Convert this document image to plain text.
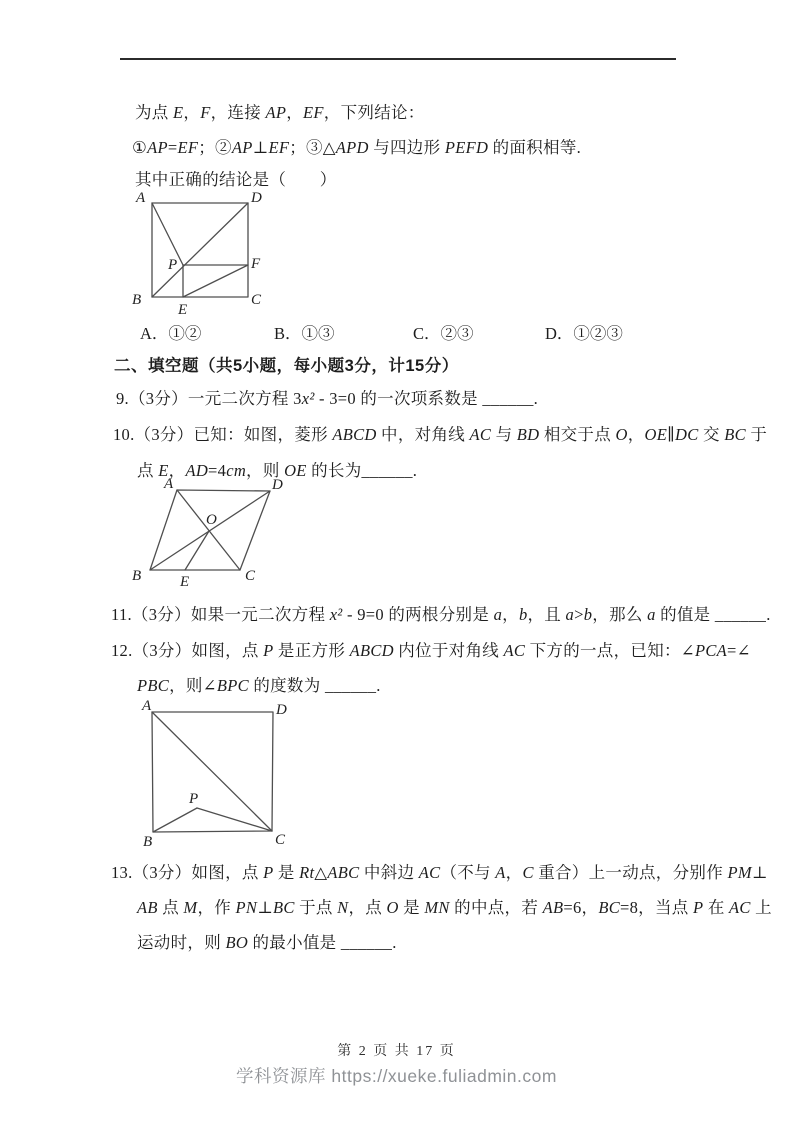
为点 E，F，连接 AP，EF，下列结论：
①AP=EF；②AP⊥EF；③△APD 与四边形 PEFD 的面积相等.
其中正确的结论是（　　）
A	D
B	C
P
E
F
A．①②	B．①③	C．②③	D．①②③
二、填空题（共5小题，每小题3分，计15分）
9.（3分）一元二次方程 3x² - 3=0 的一次项系数是 ______.
10.（3分）已知：如图，菱形 ABCD 中，对角线 AC 与 BD 相交于点 O，OE∥DC 交 BC 于
点 E，AD=4cm，则 OE 的长为______.
A	D
B	C
O
E
11.（3分）如果一元二次方程 x² - 9=0 的两根分别是 a，b，且 a>b，那么 a 的值是 ______.
12.（3分）如图，点 P 是正方形 ABCD 内位于对角线 AC 下方的一点，已知：∠PCA=∠
PBC，则∠BPC 的度数为 ______.
A	D
B	C
P
13.（3分）如图，点 P 是 Rt△ABC 中斜边 AC（不与 A，C 重合）上一动点，分别作 PM⊥
AB 点 M，作 PN⊥BC 于点 N，点 O 是 MN 的中点，若 AB=6，BC=8，当点 P 在 AC 上
运动时，则 BO 的最小值是 ______.
第 2 页 共 17 页
学科资源库 https://xueke.fuliadmin.com
